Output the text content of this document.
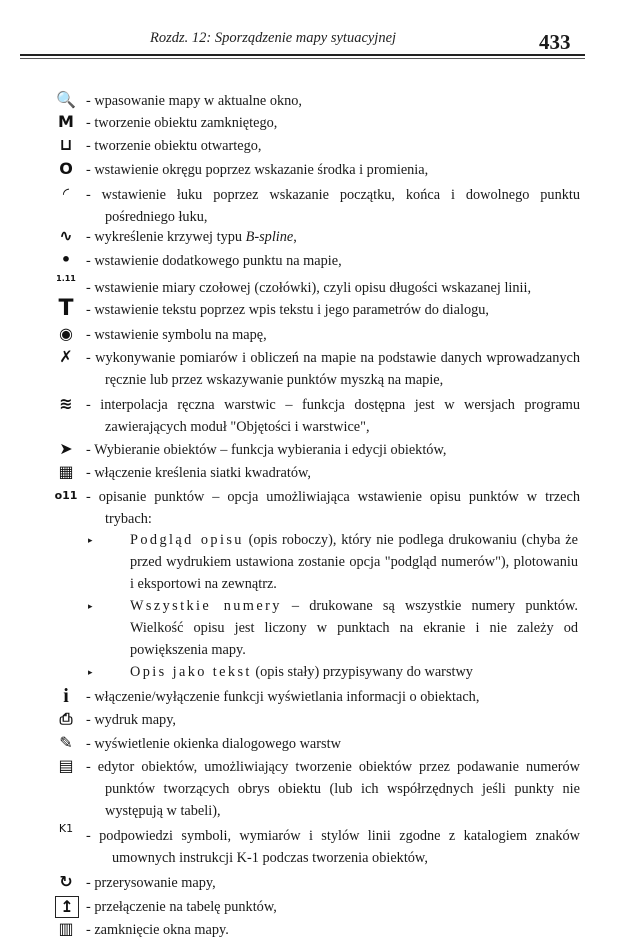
Rozdz. 12: Sporządzenie mapy sytuacyjnej	433
🔍 - wpasowanie mapy w aktualne okno,
M - tworzenie obiektu zamkniętego,
⊔ - tworzenie obiektu otwartego,
O - wstawienie okręgu poprzez wskazanie środka i promienia,
◜	- wstawienie łuku poprzez wskazanie początku, końca i dowolnego punktu pośredniego łuku,
∿ - wykreślenie krzywej typu B-spline,
•	- wstawienie dodatkowego punktu na mapie,
1.11
- wstawienie miary czołowej (czołówki), czyli opisu długości wskazanej linii,
T - wstawienie tekstu poprzez wpis tekstu i jego parametrów do dialogu,
◉ - wstawienie symbolu na mapę,
✗ - wykonywanie pomiarów i obliczeń na mapie na podstawie danych wprowadzanych ręcznie lub przez wskazywanie punktów myszką na mapie,
≋ - interpolacja ręczna warstwic – funkcja dostępna jest w wersjach programu zawierających moduł "Objętości i warstwice",
➤ - Wybieranie obiektów – funkcja wybierania i edycji obiektów,
▦ - włączenie kreślenia siatki kwadratów,
o11 - opisanie punktów – opcja umożliwiająca wstawienie opisu punktów w trzech trybach:
▸	Podgląd opisu (opis roboczy), który nie podlega drukowaniu (chyba że przed wydrukiem ustawiona zostanie opcja "podgląd numerów"), plotowaniu i eksportowi na zewnątrz.
▸	Wszystkie numery – drukowane są wszystkie numery punktów. Wielkość opisu jest liczony w punktach na ekranie i nie zależy od powiększenia mapy.
▸	Opis jako tekst (opis stały) przypisywany do warstwy
i	- włączenie/wyłączenie funkcji wyświetlania informacji o obiektach,
⎙ - wydruk mapy,
✎ - wyświetlenie okienka dialogowego warstw
▤ - edytor obiektów, umożliwiający tworzenie obiektów przez podawanie numerów punktów tworzących obrys obiektu (lub ich współrzędnych jeśli punkty nie występują w tabeli),
K1 - podpowiedzi symboli, wymiarów i stylów linii zgodne z katalogiem znaków umownych instrukcji K-1 podczas tworzenia obiektów,
↻ - przerysowanie mapy,
↥ - przełączenie na tabelę punktów,
▥ - zamknięcie okna mapy.
